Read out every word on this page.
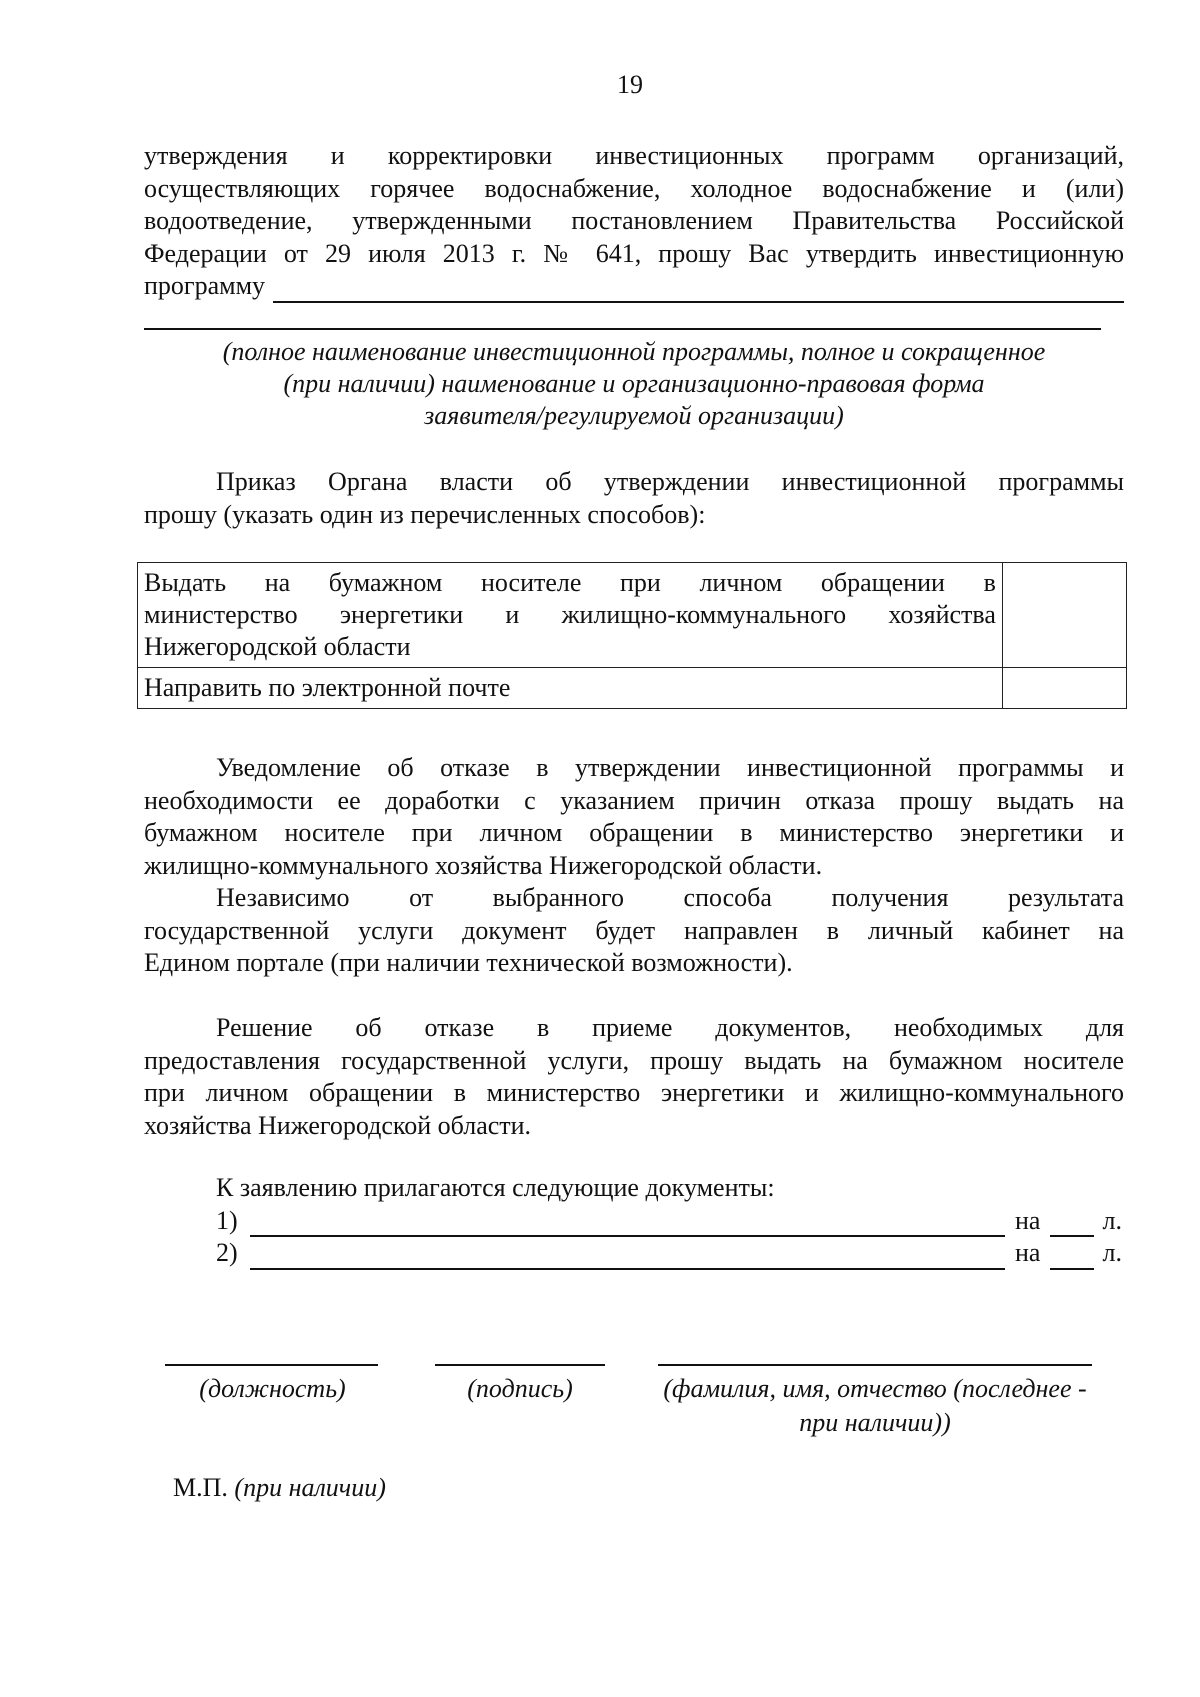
19
утверждения и корректировки инвестиционных программ организаций,
осуществляющих горячее водоснабжение, холодное водоснабжение и (или)
водоотведение, утвержденными постановлением Правительства Российской
Федерации от 29 июля 2013 г. № 641, прошу Вас утвердить инвестиционную
программу
(полное наименование инвестиционной программы, полное и сокращенное
(при наличии) наименование и организационно-правовая форма
заявителя/регулируемой организации)
Приказ Органа власти об утверждении инвестиционной программы
прошу (указать один из перечисленных способов):
Выдать на бумажном носителе при личном обращении в
министерство энергетики и жилищно-коммунального хозяйства
Нижегородской области	

Направить по электронной почте	

Уведомление об отказе в утверждении инвестиционной программы и
необходимости ее доработки с указанием причин отказа прошу выдать на
бумажном носителе при личном обращении в министерство энергетики и
жилищно-коммунального хозяйства Нижегородской области.
Независимо от выбранного способа получения результата
государственной услуги документ будет направлен в личный кабинет на
Едином портале (при наличии технической возможности).
Решение об отказе в приеме документов, необходимых для
предоставления государственной услуги, прошу выдать на бумажном носителе
при личном обращении в министерство энергетики и жилищно-коммунального
хозяйства Нижегородской области.
К заявлению прилагаются следующие документы:
1)	на л.
2)	на л.
(должность)	(подпись)	(фамилия, имя, отчество (последнее -
при наличии))
М.П. (при наличии)
